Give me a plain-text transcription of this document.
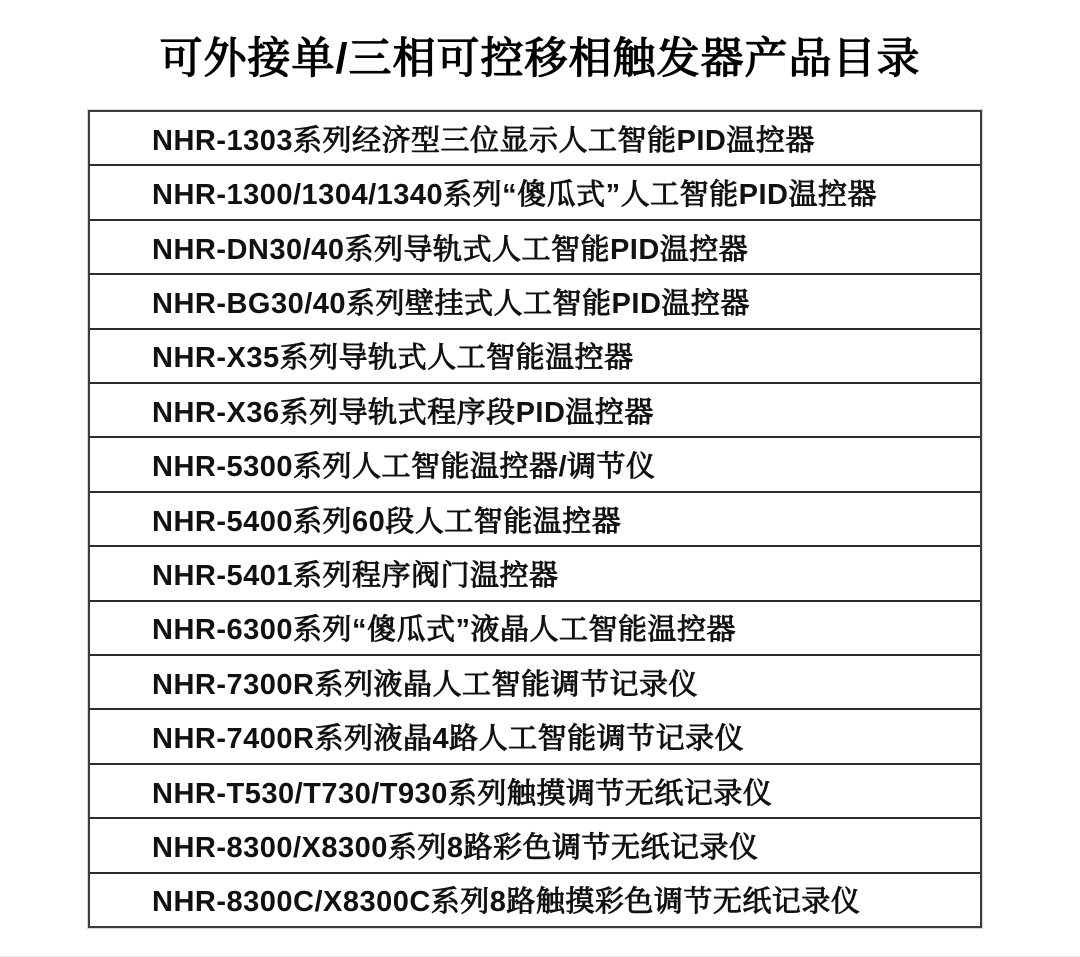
可外接单/三相可控移相触发器产品目录
NHR-1303系列经济型三位显示人工智能PID温控器
NHR-1300/1304/1340系列“傻瓜式”人工智能PID温控器
NHR-DN30/40系列导轨式人工智能PID温控器
NHR-BG30/40系列壁挂式人工智能PID温控器
NHR-X35系列导轨式人工智能温控器
NHR-X36系列导轨式程序段PID温控器
NHR-5300系列人工智能温控器/调节仪
NHR-5400系列60段人工智能温控器
NHR-5401系列程序阀门温控器
NHR-6300系列“傻瓜式”液晶人工智能温控器
NHR-7300R系列液晶人工智能调节记录仪
NHR-7400R系列液晶4路人工智能调节记录仪
NHR-T530/T730/T930系列触摸调节无纸记录仪
NHR-8300/X8300系列8路彩色调节无纸记录仪
NHR-8300C/X8300C系列8路触摸彩色调节无纸记录仪
